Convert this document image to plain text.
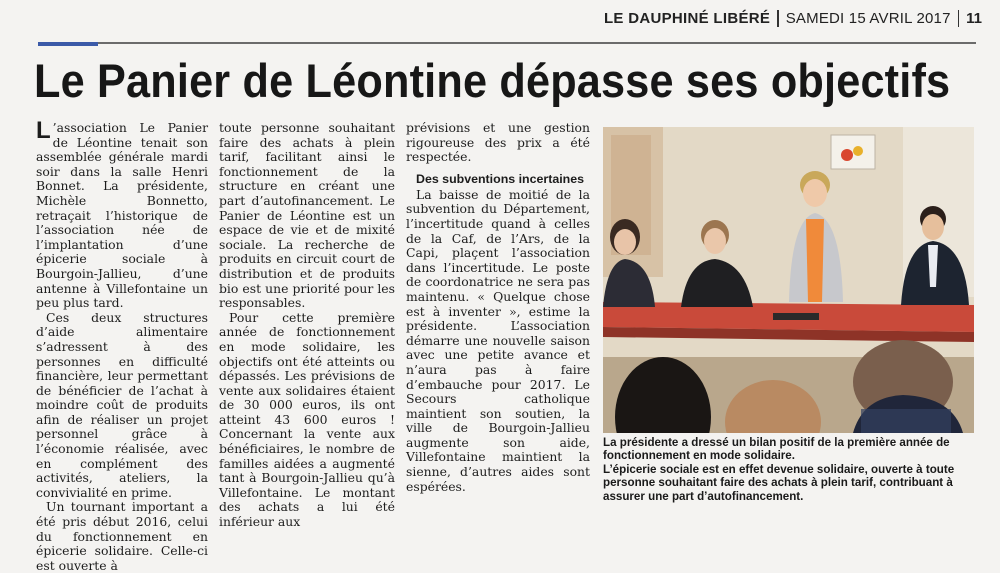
LE DAUPHINÉ LIBÉRÉ SAMEDI 15 AVRIL 2017 11
Le Panier de Léontine dépasse ses objectifs

L ’association Le Panier de Léontine tenait son assemblée générale mardi soir dans la salle Henri Bonnet. La présidente, Michèle Bonnetto, retraçait l’historique de l’association née de l’implantation d’une épicerie sociale à Bourgoin-Jallieu, d’une antenne à Villefontaine un peu plus tard.

Ces deux structures d’aide alimentaire s’adressent à des personnes en difficulté financière, leur permettant de bénéficier de l’achat à moindre coût de produits afin de réaliser un projet personnel grâce à l’économie réalisée, avec en complément des activités, ateliers, la convivialité en prime.

Un tournant important a été pris début 2016, celui du fonctionnement en épicerie solidaire. Celle-ci est ouverte à

toute personne souhaitant faire des achats à plein tarif, facilitant ainsi le fonctionnement de la structure en créant une part d’autofinancement. Le Panier de Léontine est un espace de vie et de mixité sociale. La recherche de produits en circuit court de distribution et de produits bio est une priorité pour les responsables.

Pour cette première année de fonctionnement en mode solidaire, les objectifs ont été atteints ou dépassés. Les prévisions de vente aux solidaires étaient de 30 000 euros, ils ont atteint 43 600 euros ! Concernant la vente aux bénéficiaires, le nombre de familles aidées a augmenté tant à Bourgoin-Jallieu qu’à Villefontaine. Le montant des achats a lui été inférieur aux

prévisions et une gestion rigoureuse des prix a été respectée.

Des subventions incertaines

La baisse de moitié de la subvention du Département, l’incertitude quand à celles de la Caf, de l’Ars, de la Capi, plaçent l’association dans l’incertitude. Le poste de coordonatrice ne sera pas maintenu. « Quelque chose est à inventer », estime la présidente. L’association démarre une nouvelle saison avec une petite avance et n’aura pas à faire d’embauche pour 2017. Le Secours catholique maintient son soutien, la ville de Bourgoin-Jallieu augmente son aide, Villefontaine maintient la sienne, d’autres aides sont espérées.

La présidente a dressé un bilan positif de la première année de fonctionnement en mode solidaire.
L’épicerie sociale est en effet devenue solidaire, ouverte à toute personne souhaitant faire des achats à plein tarif, contribuant à assurer une part d’autofinancement.
